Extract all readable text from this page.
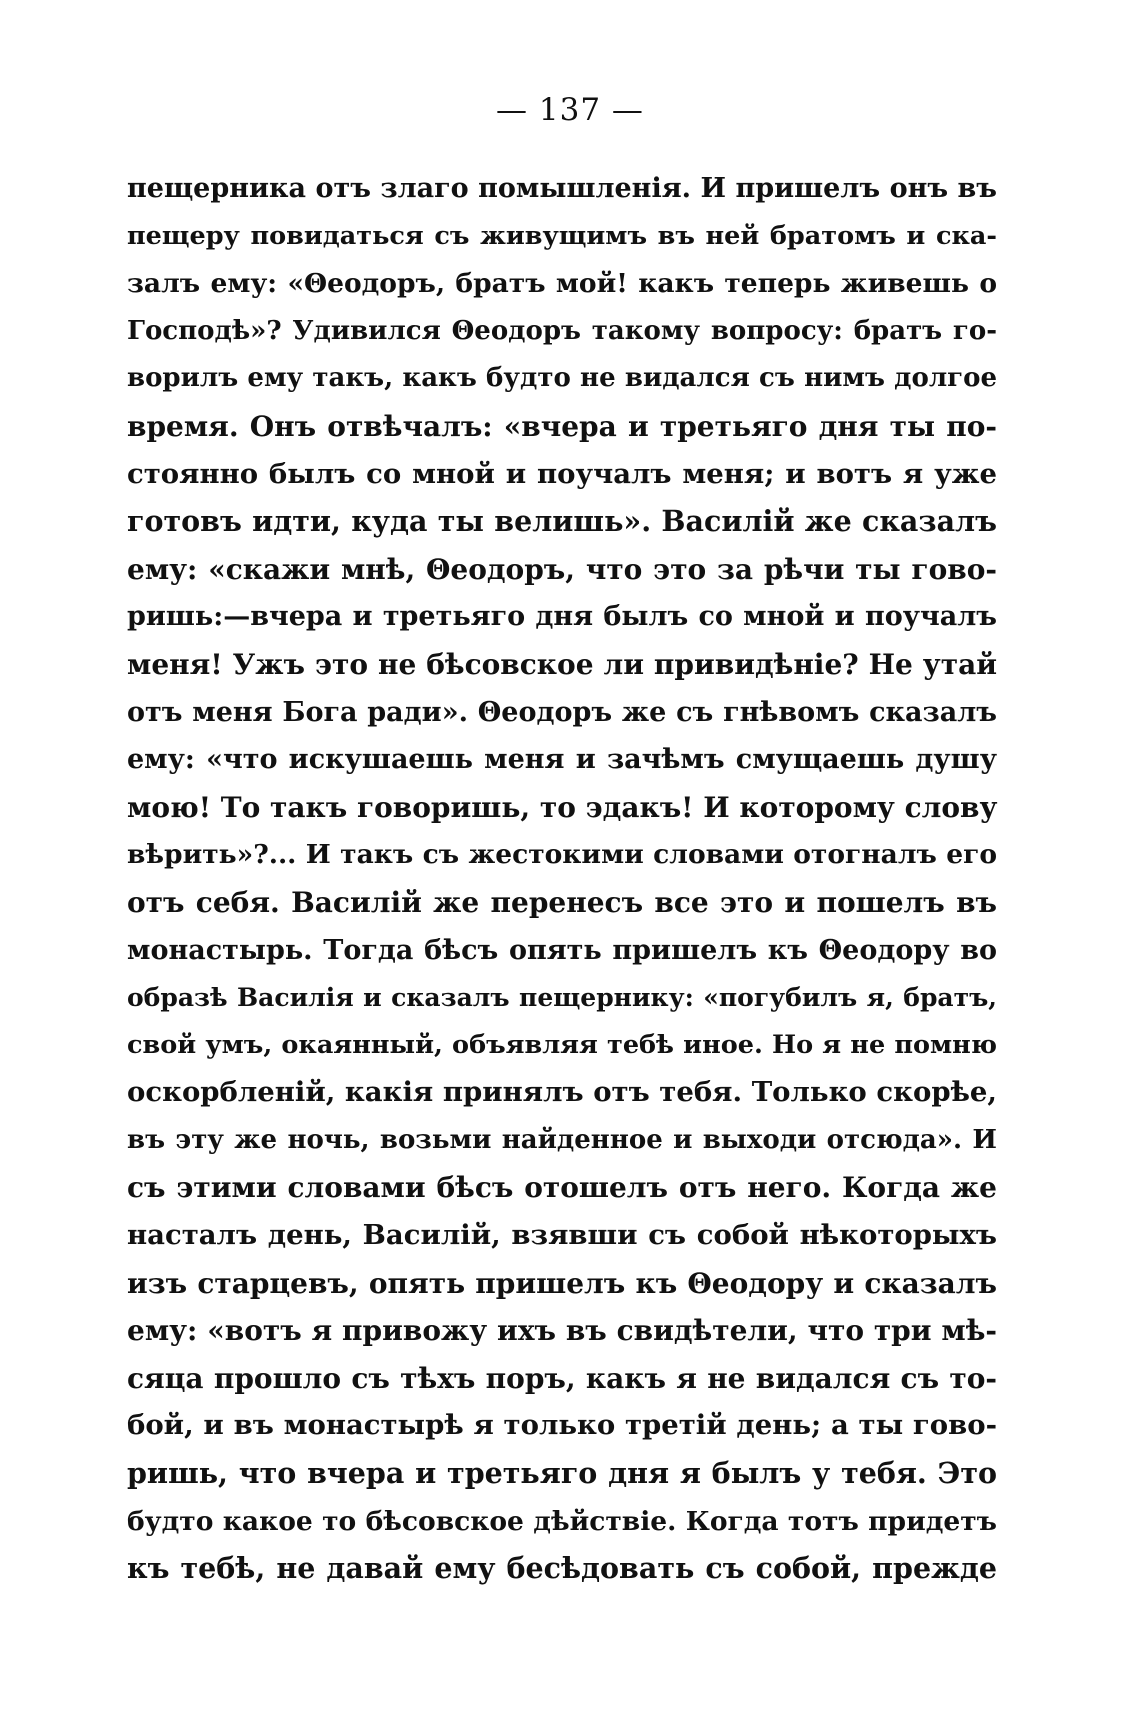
— 137 —
пещерника отъ злаго помышленія. И пришелъ онъ въ
пещеру повидаться съ живущимъ въ ней братомъ и ска-
залъ ему: «Θеодоръ, братъ мой! какъ теперь живешь о
Господѣ»? Удивился Θеодоръ такому вопросу: братъ го-
ворилъ ему такъ, какъ будто не видался съ нимъ долгое
время. Онъ отвѣчалъ: «вчера и третьяго дня ты по-
стоянно былъ со мной и поучалъ меня; и вотъ я уже
готовъ идти, куда ты велишь». Василій же сказалъ
ему: «скажи мнѣ, Θеодоръ, что это за рѣчи ты гово-
ришь:—вчера и третьяго дня былъ со мной и поучалъ
меня! Ужъ это не бѣсовское ли привидѣніе? Не утай
отъ меня Бога ради». Θеодоръ же съ гнѣвомъ сказалъ
ему: «что искушаешь меня и зачѣмъ смущаешь душу
мою! То такъ говоришь, то эдакъ! И которому слову
вѣрить»?... И такъ съ жестокими словами отогналъ его
отъ себя. Василій же перенесъ все это и пошелъ въ
монастырь. Тогда бѣсъ опять пришелъ къ Θеодору во
образѣ Василія и сказалъ пещернику: «погубилъ я, братъ,
свой умъ, окаянный, объявляя тебѣ иное. Но я не помню
оскорбленій, какія принялъ отъ тебя. Только скорѣе,
въ эту же ночь, возьми найденное и выходи отсюда». И
съ этими словами бѣсъ отошелъ отъ него. Когда же
насталъ день, Василій, взявши съ собой нѣкоторыхъ
изъ старцевъ, опять пришелъ къ Θеодору и сказалъ
ему: «вотъ я привожу ихъ въ свидѣтели, что три мѣ-
сяца прошло съ тѣхъ поръ, какъ я не видался съ то-
бой, и въ монастырѣ я только третій день; а ты гово-
ришь, что вчера и третьяго дня я былъ у тебя. Это
будто какое то бѣсовское дѣйствіе. Когда тотъ придетъ
къ тебѣ, не давай ему бесѣдовать съ собой, прежде
